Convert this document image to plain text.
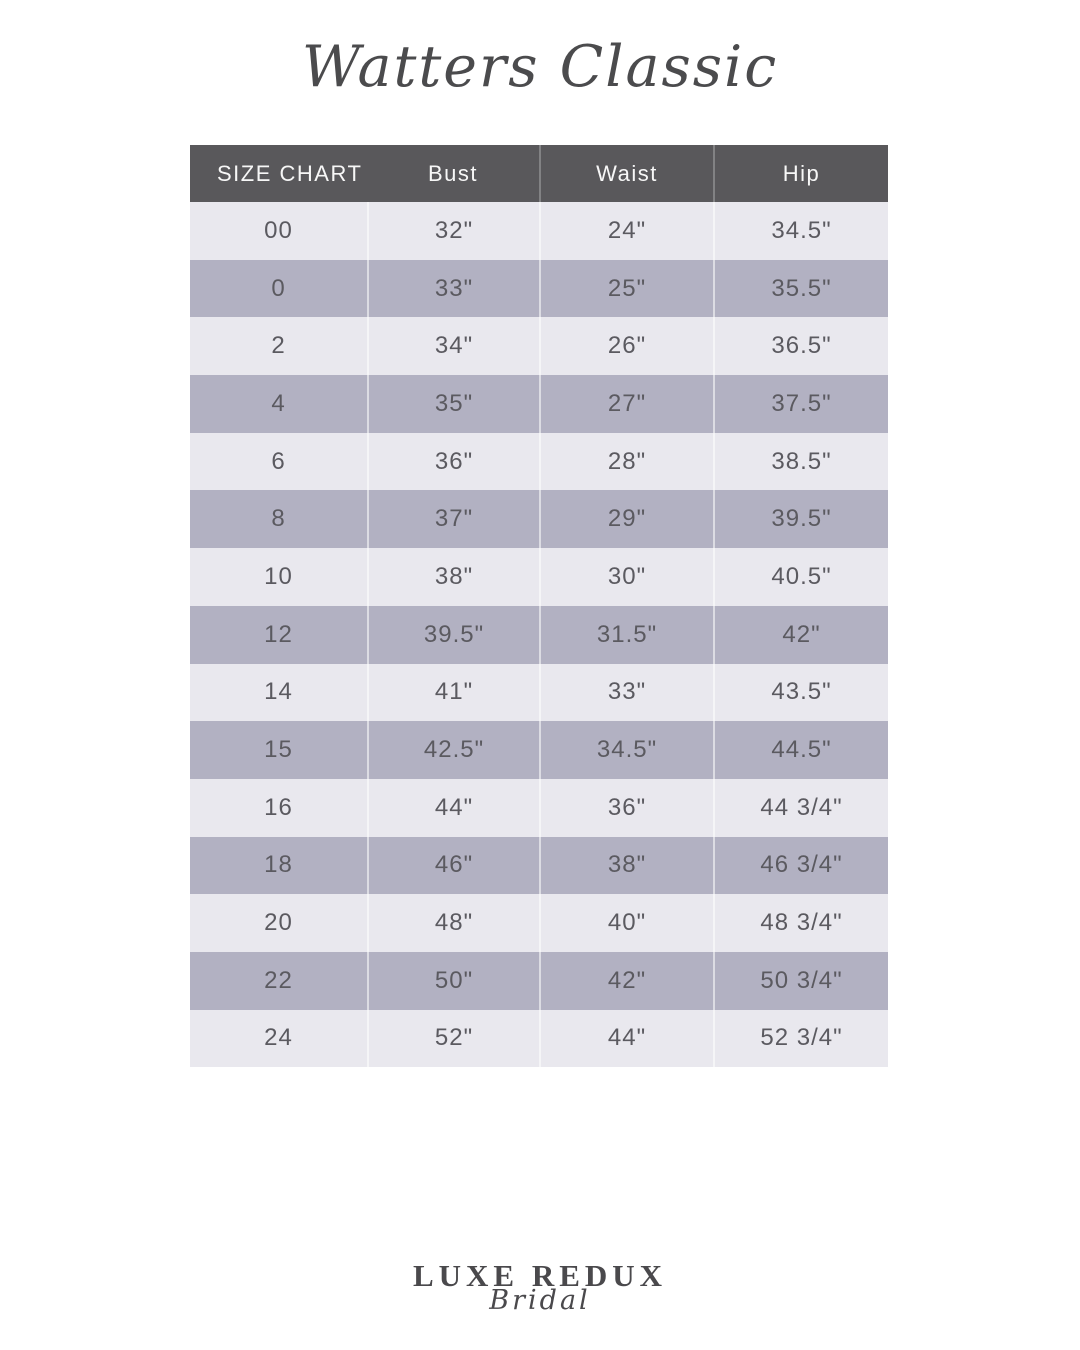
Watters Classic
SIZE CHART	Bust	Waist	Hip
00	32"	24"	34.5"
0	33"	25"	35.5"
2	34"	26"	36.5"
4	35"	27"	37.5"
6	36"	28"	38.5"
8	37"	29"	39.5"
10	38"	30"	40.5"
12	39.5"	31.5"	42"
14	41"	33"	43.5"
15	42.5"	34.5"	44.5"
16	44"	36"	44 3/4"
18	46"	38"	46 3/4"
20	48"	40"	48 3/4"
22	50"	42"	50 3/4"
24	52"	44"	52 3/4"
LUXE REDUX
Bridal
